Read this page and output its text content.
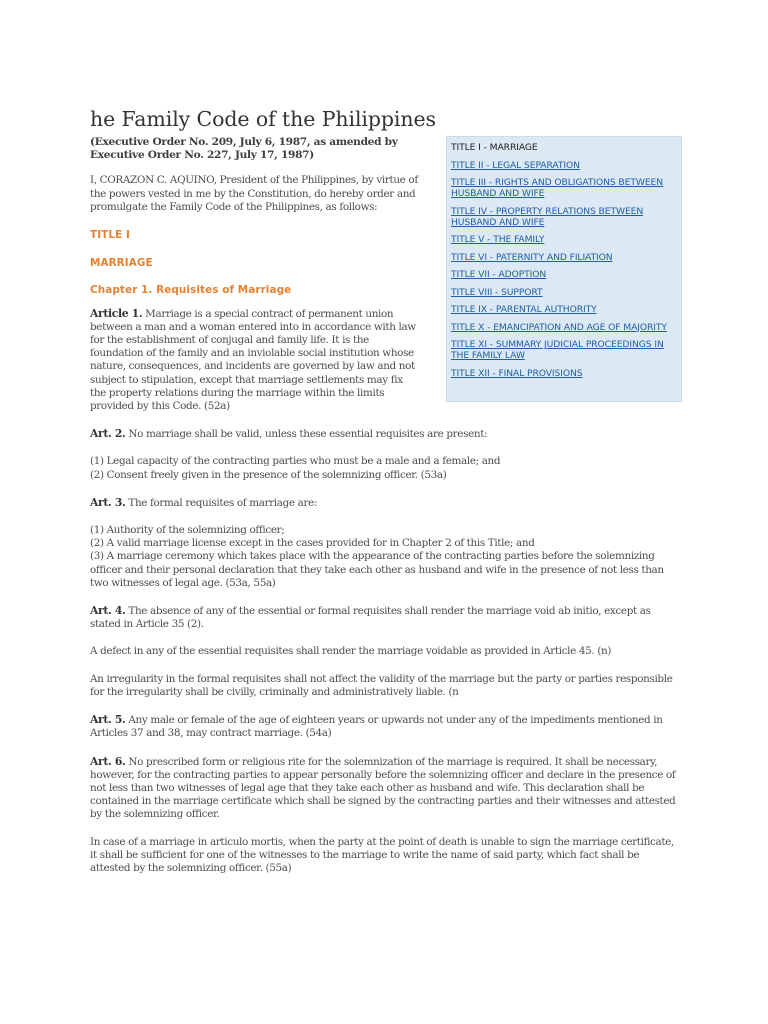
he Family Code of the Philippines

(Executive Order No. 209, July 6, 1987, as amended by Executive Order No. 227, July 17, 1987)

I, CORAZON C. AQUINO, President of the Philippines, by virtue of the powers vested in me by the Constitution, do hereby order and promulgate the Family Code of the Philippines, as follows:

TITLE I

MARRIAGE

Chapter 1. Requisites of Marriage

Article 1. Marriage is a special contract of permanent union between a man and a woman entered into in accordance with law for the establishment of conjugal and family life. It is the foundation of the family and an inviolable social institution whose nature, consequences, and incidents are governed by law and not subject to stipulation, except that marriage settlements may fix the property relations during the marriage within the limits provided by this Code. (52a)

Art. 2. No marriage shall be valid, unless these essential requisites are present:

(1) Legal capacity of the contracting parties who must be a male and a female; and
(2) Consent freely given in the presence of the solemnizing officer. (53a)

Art. 3. The formal requisites of marriage are:

(1) Authority of the solemnizing officer;
(2) A valid marriage license except in the cases provided for in Chapter 2 of this Title; and
(3) A marriage ceremony which takes place with the appearance of the contracting parties before the solemnizing officer and their personal declaration that they take each other as husband and wife in the presence of not less than two witnesses of legal age. (53a, 55a)

Art. 4. The absence of any of the essential or formal requisites shall render the marriage void ab initio, except as stated in Article 35 (2).

A defect in any of the essential requisites shall render the marriage voidable as provided in Article 45. (n)

An irregularity in the formal requisites shall not affect the validity of the marriage but the party or parties responsible for the irregularity shall be civilly, criminally and administratively liable. (n

Art. 5. Any male or female of the age of eighteen years or upwards not under any of the impediments mentioned in Articles 37 and 38, may contract marriage. (54a)

Art. 6. No prescribed form or religious rite for the solemnization of the marriage is required. It shall be necessary, however, for the contracting parties to appear personally before the solemnizing officer and declare in the presence of not less than two witnesses of legal age that they take each other as husband and wife. This declaration shall be contained in the marriage certificate which shall be signed by the contracting parties and their witnesses and attested by the solemnizing officer.

In case of a marriage in articulo mortis, when the party at the point of death is unable to sign the marriage certificate, it shall be sufficient for one of the witnesses to the marriage to write the name of said party, which fact shall be attested by the solemnizing officer. (55a)

TITLE I - MARRIAGE
TITLE II - LEGAL SEPARATION
TITLE III - RIGHTS AND OBLIGATIONS BETWEEN HUSBAND AND WIFE
TITLE IV - PROPERTY RELATIONS BETWEEN HUSBAND AND WIFE
TITLE V - THE FAMILY
TITLE VI - PATERNITY AND FILIATION
TITLE VII - ADOPTION
TITLE VIII - SUPPORT
TITLE IX - PARENTAL AUTHORITY
TITLE X - EMANCIPATION AND AGE OF MAJORITY
TITLE XI - SUMMARY JUDICIAL PROCEEDINGS IN THE FAMILY LAW
TITLE XII - FINAL PROVISIONS
